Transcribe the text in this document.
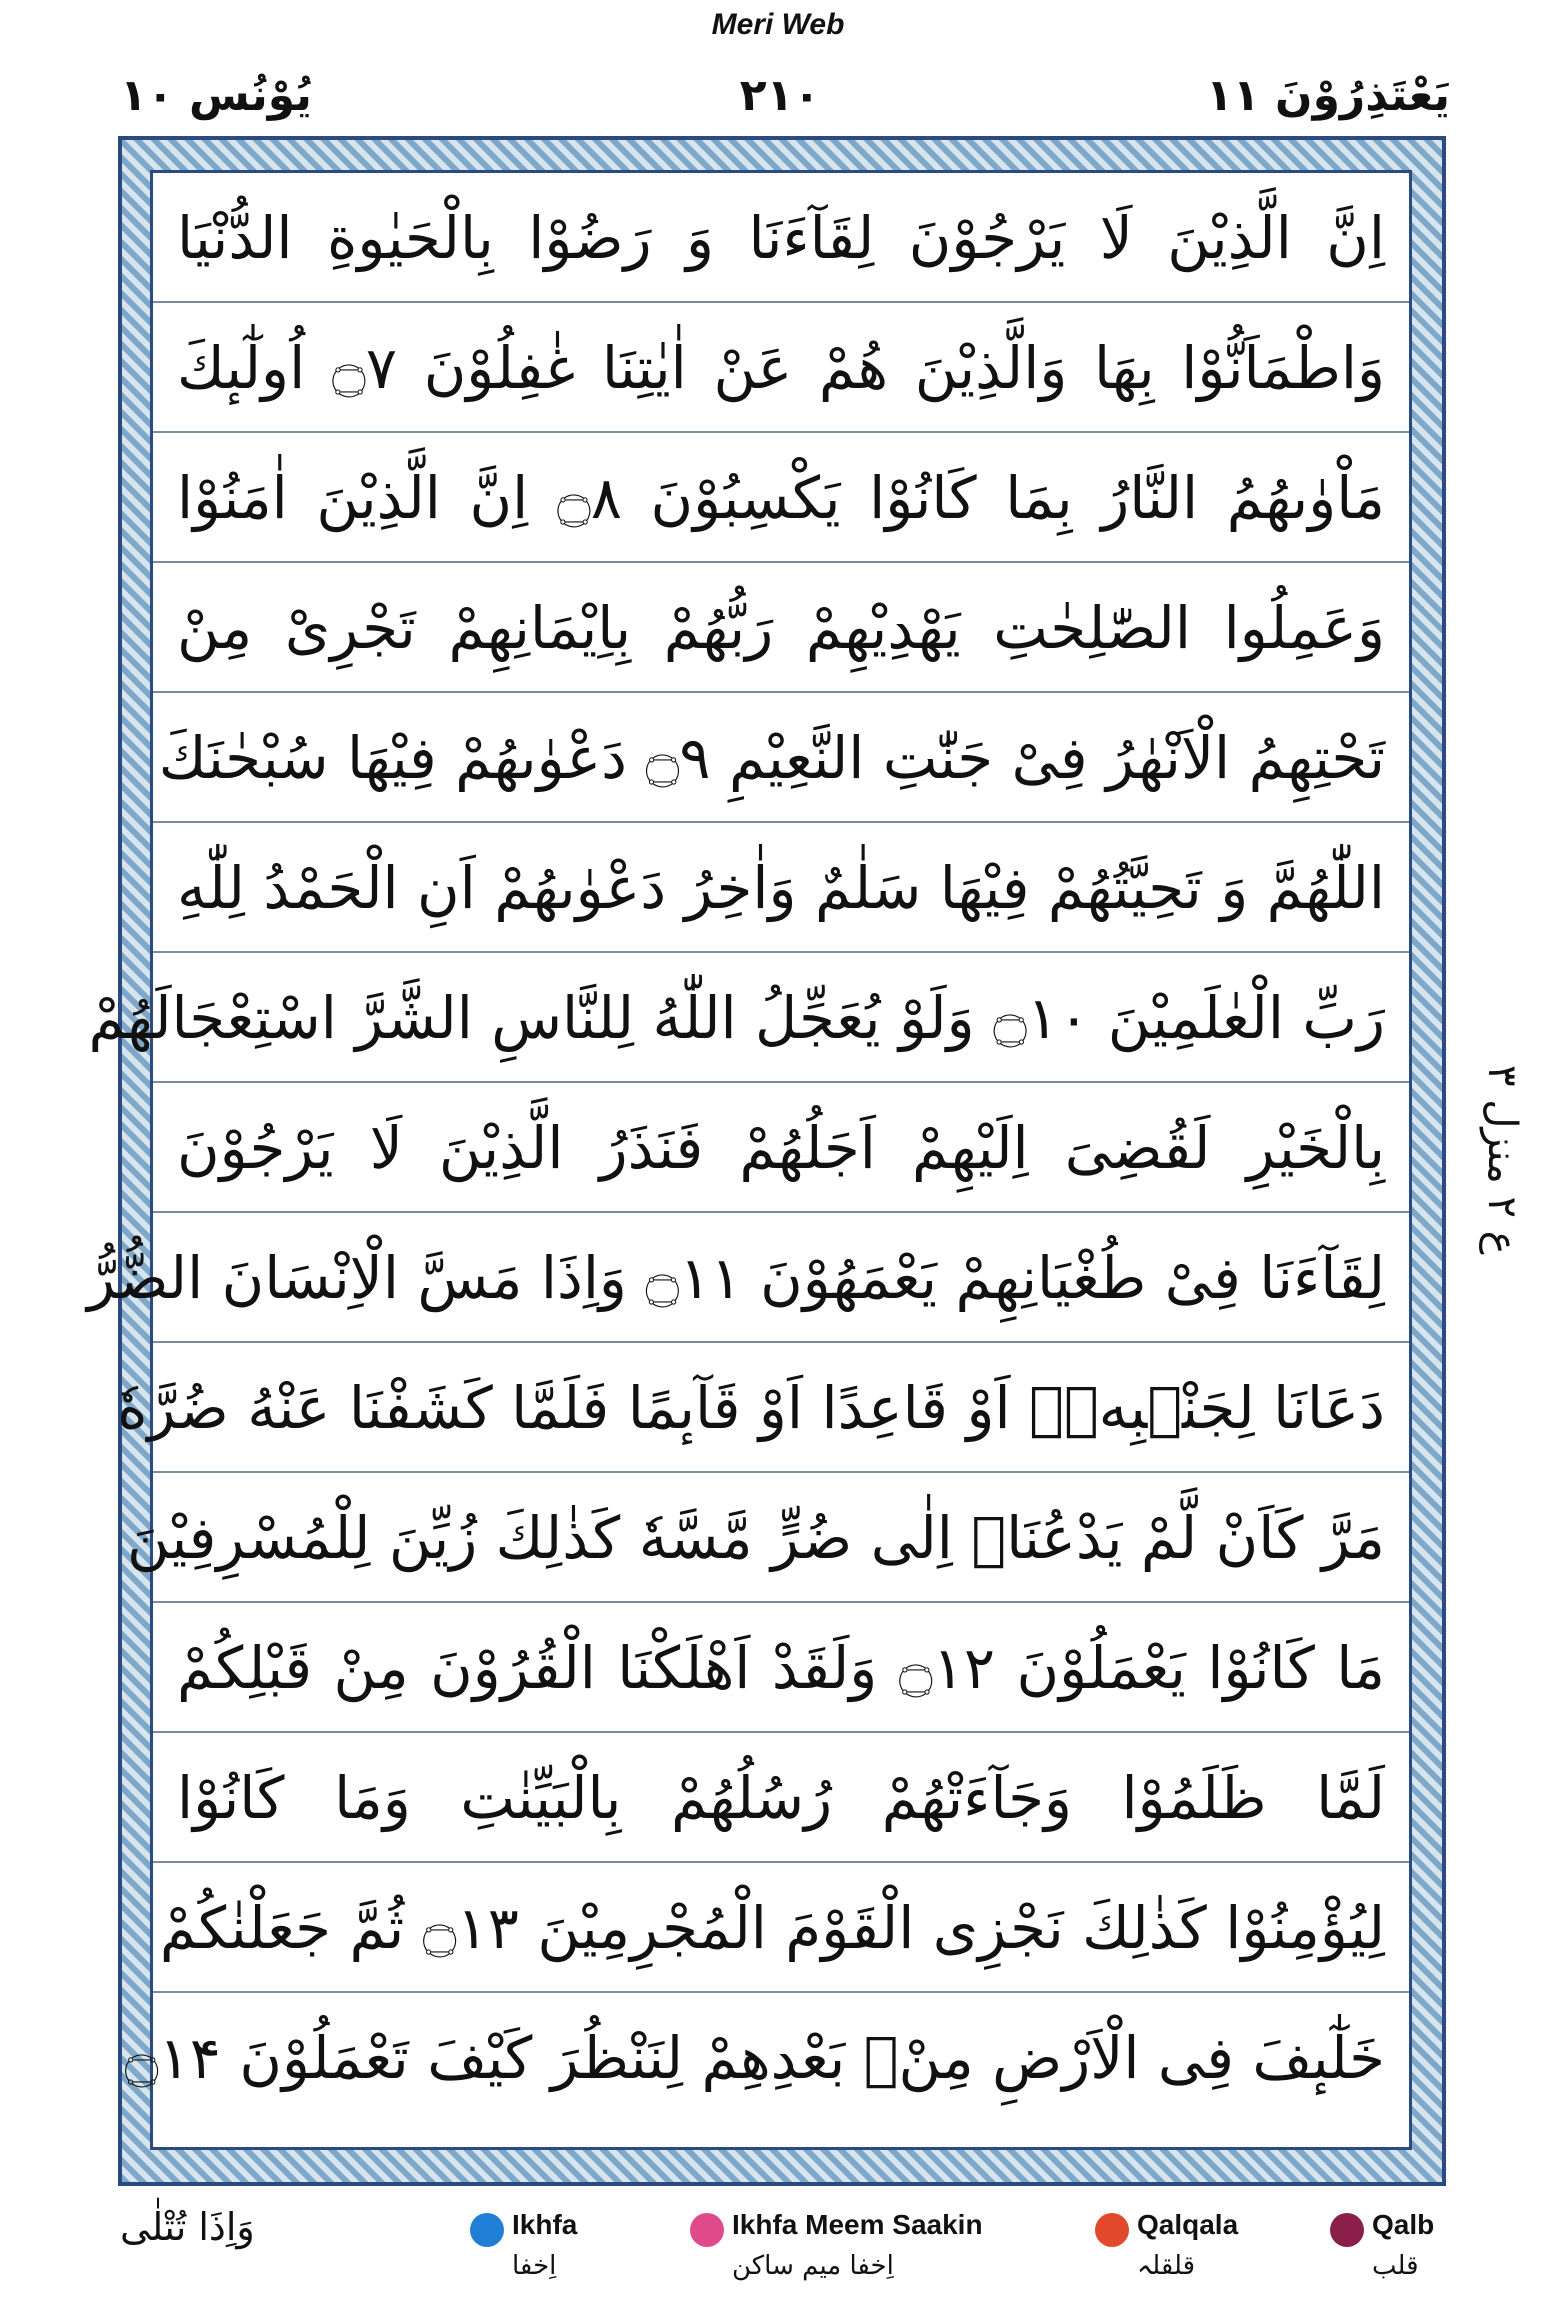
Meri Web
یُوْنُس ۱۰	۲۱۰	یَعْتَذِرُوْنَ ۱۱
اِنَّ الَّذِیْنَ لَا یَرْجُوْنَ لِقَآءَنَا وَ رَضُوْا بِالْحَیٰوةِ الدُّنْیَا
وَاطْمَاَنُّوْا بِهَا وَالَّذِیْنَ هُمْ عَنْ اٰیٰتِنَا غٰفِلُوْنَ ۝۷ اُولٰٓىٕكَ
مَاْوٰىهُمُ النَّارُ بِمَا كَانُوْا یَكْسِبُوْنَ ۝۸ اِنَّ الَّذِیْنَ اٰمَنُوْا
وَعَمِلُوا الصّٰلِحٰتِ یَهْدِیْهِمْ رَبُّهُمْ بِاِیْمَانِهِمْ تَجْرِیْ مِنْ
تَحْتِهِمُ الْاَنْهٰرُ فِیْ جَنّٰتِ النَّعِیْمِ ۝۹ دَعْوٰىهُمْ فِیْهَا سُبْحٰنَكَ
اللّٰهُمَّ وَ تَحِیَّتُهُمْ فِیْهَا سَلٰمٌ وَاٰخِرُ دَعْوٰىهُمْ اَنِ الْحَمْدُ لِلّٰهِ
رَبِّ الْعٰلَمِیْنَ ۝۱۰ وَلَوْ یُعَجِّلُ اللّٰهُ لِلنَّاسِ الشَّرَّ اسْتِعْجَالَهُمْ
بِالْخَیْرِ لَقُضِیَ اِلَیْهِمْ اَجَلُهُمْ فَنَذَرُ الَّذِیْنَ لَا یَرْجُوْنَ
لِقَآءَنَا فِیْ طُغْیَانِهِمْ یَعْمَهُوْنَ ۝۱۱ وَاِذَا مَسَّ الْاِنْسَانَ الضُّرُّ
دَعَانَا لِجَنْۢبِهٖۤ اَوْ قَاعِدًا اَوْ قَآىٕمًا فَلَمَّا كَشَفْنَا عَنْهُ ضُرَّهٗ
مَرَّ كَاَنْ لَّمْ یَدْعُنَاۤ اِلٰى ضُرٍّ مَّسَّهٗ كَذٰلِكَ زُیِّنَ لِلْمُسْرِفِیْنَ
مَا كَانُوْا یَعْمَلُوْنَ ۝۱۲ وَلَقَدْ اَهْلَكْنَا الْقُرُوْنَ مِنْ قَبْلِكُمْ
لَمَّا ظَلَمُوْا وَجَآءَتْهُمْ رُسُلُهُمْ بِالْبَیِّنٰتِ وَمَا كَانُوْا
لِیُؤْمِنُوْا كَذٰلِكَ نَجْزِی الْقَوْمَ الْمُجْرِمِیْنَ ۝۱۳ ثُمَّ جَعَلْنٰكُمْ
خَلٰٓىٕفَ فِی الْاَرْضِ مِنْۢ بَعْدِهِمْ لِنَنْظُرَ كَیْفَ تَعْمَلُوْنَ ۝۱۴
ع ۲ منزل ۳
وَاِذَا تُتْلٰى	Ikhfa
اِخفا
Ikhfa Meem Saakin
اِخفا میم ساکن
Qalqala
قلقلہ
Qalb
قلب
